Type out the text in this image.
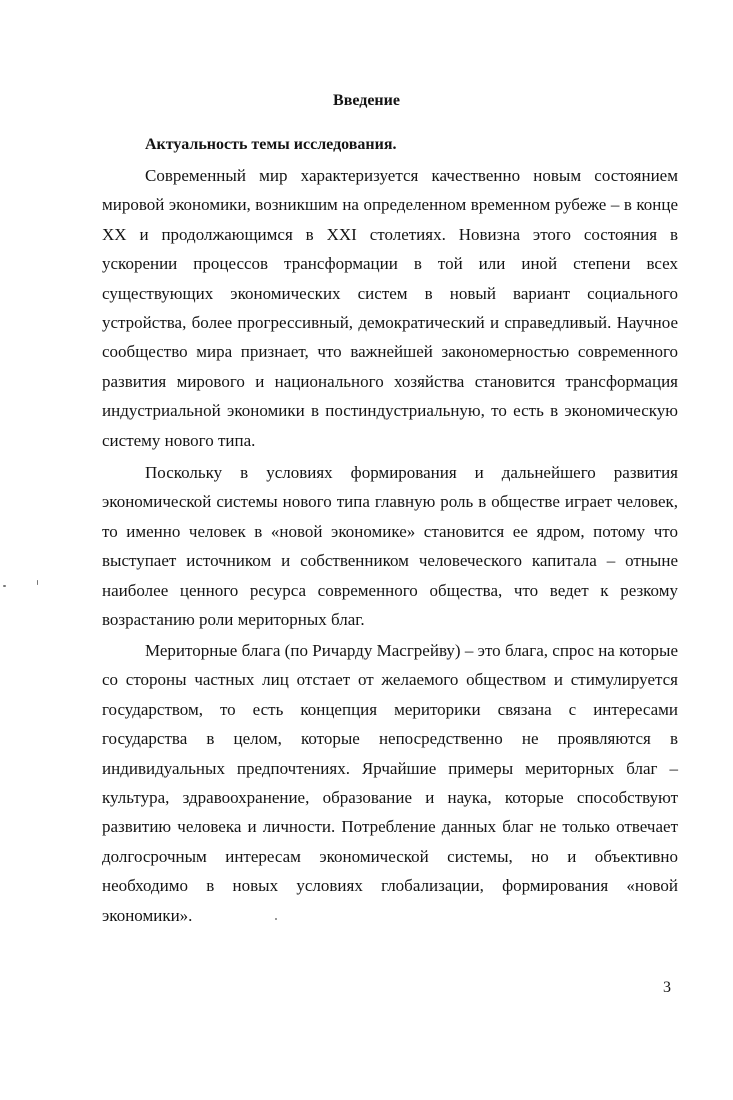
Введение
Актуальность темы исследования.

Современный мир характеризуется качественно новым состоянием мировой экономики, возникшим на определенном временном рубеже – в конце XX и продолжающимся в XXI столетиях. Новизна этого состояния в ускорении процессов трансформации в той или иной степени всех существующих экономических систем в новый вариант социального устройства, более прогрессивный, демократический и справедливый. Научное сообщество мира признает, что важнейшей закономерностью современного развития мирового и национального хозяйства становится трансформация индустриальной экономики в постиндустриальную, то есть в экономическую систему нового типа.

Поскольку в условиях формирования и дальнейшего развития экономической системы нового типа главную роль в обществе играет человек, то именно человек в «новой экономике» становится ее ядром, потому что выступает источником и собственником человеческого капитала – отныне наиболее ценного ресурса современного общества, что ведет к резкому возрастанию роли мериторных благ.

Мериторные блага (по Ричарду Масгрейву) – это блага, спрос на которые со стороны частных лиц отстает от желаемого обществом и стимулируется государством, то есть концепция мериторики связана с интересами государства в целом, которые непосредственно не проявляются в индивидуальных предпочтениях. Ярчайшие примеры мериторных благ – культура, здравоохранение, образование и наука, которые способствуют развитию человека и личности. Потребление данных благ не только отвечает долгосрочным интересам экономической системы, но и объективно необходимо в новых условиях глобализации, формирования «новой экономики».

3
